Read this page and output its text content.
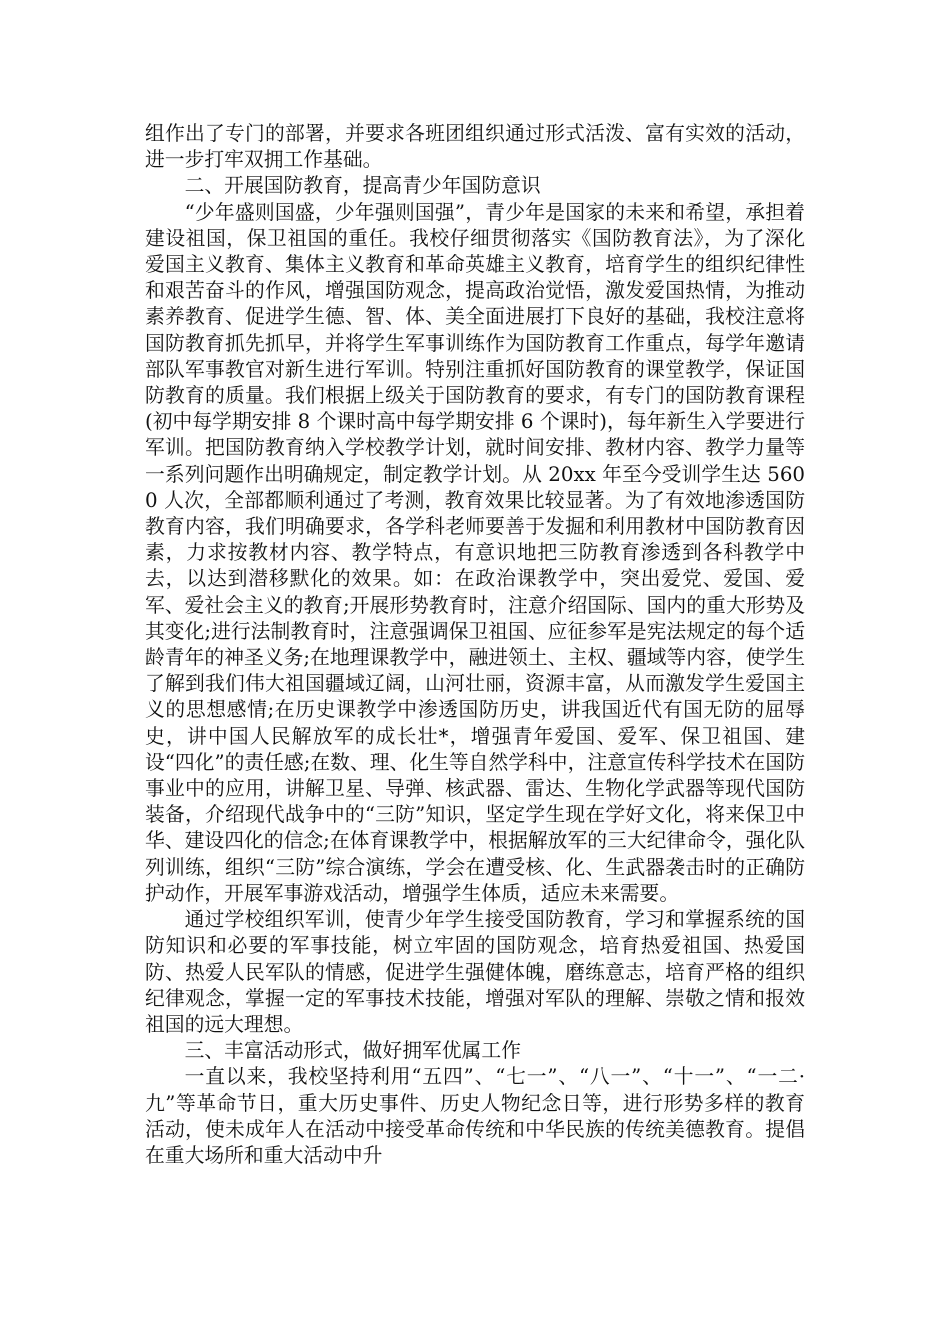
组作出了专门的部署，并要求各班团组织通过形式活泼、富有实效的活动，进一步打牢双拥工作基础。

二、开展国防教育，提高青少年国防意识

“少年盛则国盛，少年强则国强”，青少年是国家的未来和希望，承担着建设祖国，保卫祖国的重任。我校仔细贯彻落实《国防教育法》，为了深化爱国主义教育、集体主义教育和革命英雄主义教育，培育学生的组织纪律性和艰苦奋斗的作风，增强国防观念，提高政治觉悟，激发爱国热情，为推动素养教育、促进学生德、智、体、美全面进展打下良好的基础，我校注意将国防教育抓先抓早，并将学生军事训练作为国防教育工作重点，每学年邀请部队军事教官对新生进行军训。特别注重抓好国防教育的课堂教学，保证国防教育的质量。我们根据上级关于国防教育的要求，有专门的国防教育课程(初中每学期安排 8 个课时高中每学期安排 6 个课时)，每年新生入学要进行军训。把国防教育纳入学校教学计划，就时间安排、教材内容、教学力量等一系列问题作出明确规定，制定教学计划。从 20xx 年至今受训学生达 5600 人次，全部都顺利通过了考测，教育效果比较显著。为了有效地渗透国防教育内容，我们明确要求，各学科老师要善于发掘和利用教材中国防教育因素，力求按教材内容、教学特点，有意识地把三防教育渗透到各科教学中去，以达到潜移默化的效果。如：在政治课教学中，突出爱党、爱国、爱军、爱社会主义的教育;开展形势教育时，注意介绍国际、国内的重大形势及其变化;进行法制教育时，注意强调保卫祖国、应征参军是宪法规定的每个适龄青年的神圣义务;在地理课教学中，融进领土、主权、疆域等内容，使学生了解到我们伟大祖国疆域辽阔，山河壮丽，资源丰富，从而激发学生爱国主义的思想感情;在历史课教学中渗透国防历史，讲我国近代有国无防的屈辱史，讲中国人民解放军的成长壮*，增强青年爱国、爱军、保卫祖国、建设“四化”的责任感;在数、理、化生等自然学科中，注意宣传科学技术在国防事业中的应用，讲解卫星、导弹、核武器、雷达、生物化学武器等现代国防装备，介绍现代战争中的“三防”知识，坚定学生现在学好文化，将来保卫中华、建设四化的信念;在体育课教学中，根据解放军的三大纪律命令，强化队列训练，组织“三防”综合演练，学会在遭受核、化、生武器袭击时的正确防护动作，开展军事游戏活动，增强学生体质，适应未来需要。

通过学校组织军训，使青少年学生接受国防教育，学习和掌握系统的国防知识和必要的军事技能，树立牢固的国防观念，培育热爱祖国、热爱国防、热爱人民军队的情感，促进学生强健体魄，磨练意志，培育严格的组织纪律观念，掌握一定的军事技术技能，增强对军队的理解、崇敬之情和报效祖国的远大理想。

三、丰富活动形式，做好拥军优属工作

一直以来，我校坚持利用“五四”、“七一”、“八一”、“十一”、“一二·九”等革命节日，重大历史事件、历史人物纪念日等，进行形势多样的教育活动，使未成年人在活动中接受革命传统和中华民族的传统美德教育。提倡在重大场所和重大活动中升
